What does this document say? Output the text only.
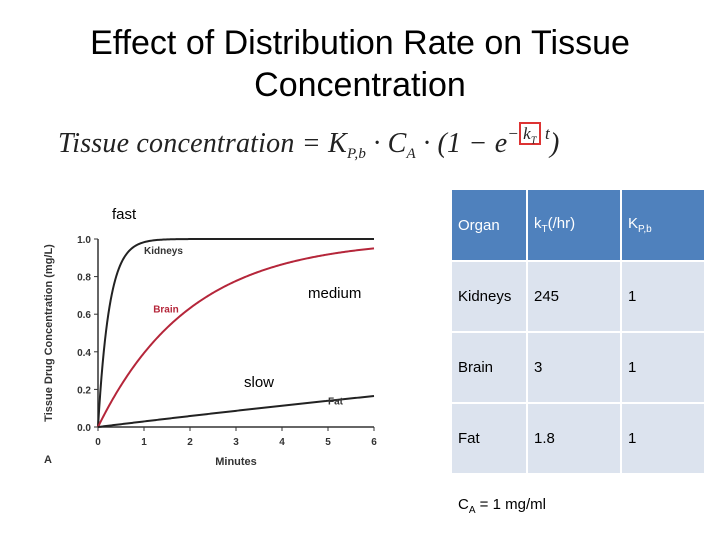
Effect of Distribution Rate on Tissue Concentration
Tissue concentration = $K_{P,b} \cdot C_A \cdot (1 - e^{- k_T t})$
fast
medium
slow
0	1	2	3	4	5	6
0.0
0.2
0.4
0.6
0.8
1.0
Minutes
Tissue Drug Concentration (mg/L)
A
Kidneys
Brain
Fat
Organ	$k_T(/hr)$	$K_{P,b}$
Kidneys	245	1
Brain	3	1
Fat	1.8	1
$C_A = 1$ mg/ml
